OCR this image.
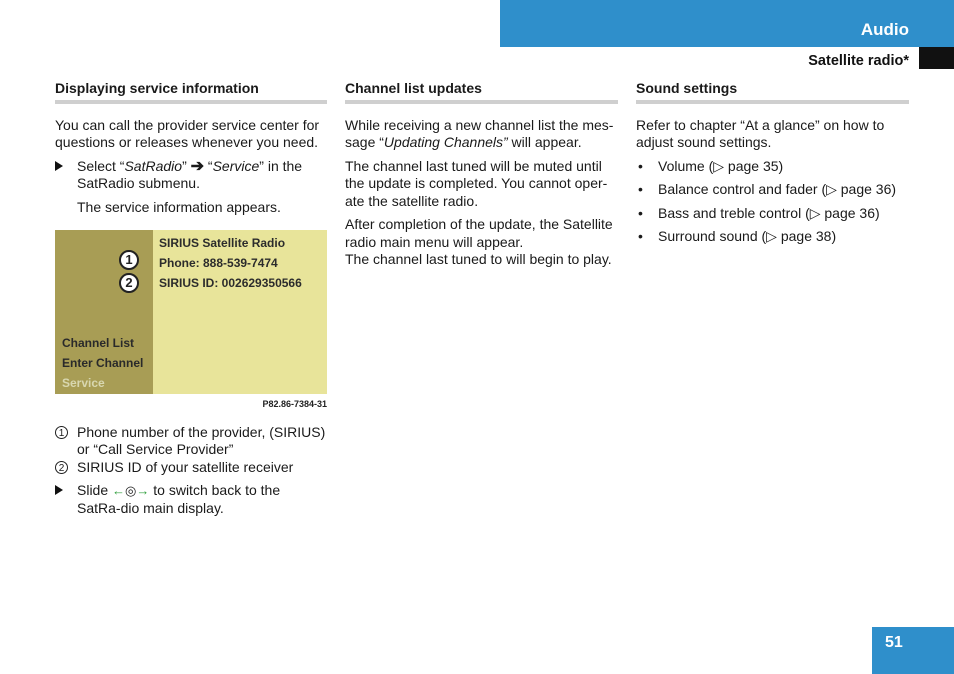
Audio
Satellite radio*
Displaying service information

You can call the provider service center for questions or releases whenever you need.

Select “SatRadio” ➔ “Service” in the SatRadio submenu.

The service information appears.

SIRIUS Satellite Radio
Phone: 888-539-7474
SIRIUS ID: 002629350566
1
2
Channel List
Enter Channel
Service
P82.86-7384-31
1 Phone number of the provider, (SIRIUS) or “Call Service Provider”
2 SIRIUS ID of your satellite receiver
Slide ←◎→ to switch back to the SatRa-dio main display.
Channel list updates

While receiving a new channel list the mes-sage “Updating Channels” will appear.

The channel last tuned will be muted until the update is completed. You cannot oper-ate the satellite radio.

After completion of the update, the Satellite radio main menu will appear.

The channel last tuned to will begin to play.

Sound settings

Refer to chapter “At a glance” on how to adjust sound settings.

• Volume (▷ page 35)
• Balance control and fader (▷ page 36)
• Bass and treble control (▷ page 36)
• Surround sound (▷ page 38)
51
